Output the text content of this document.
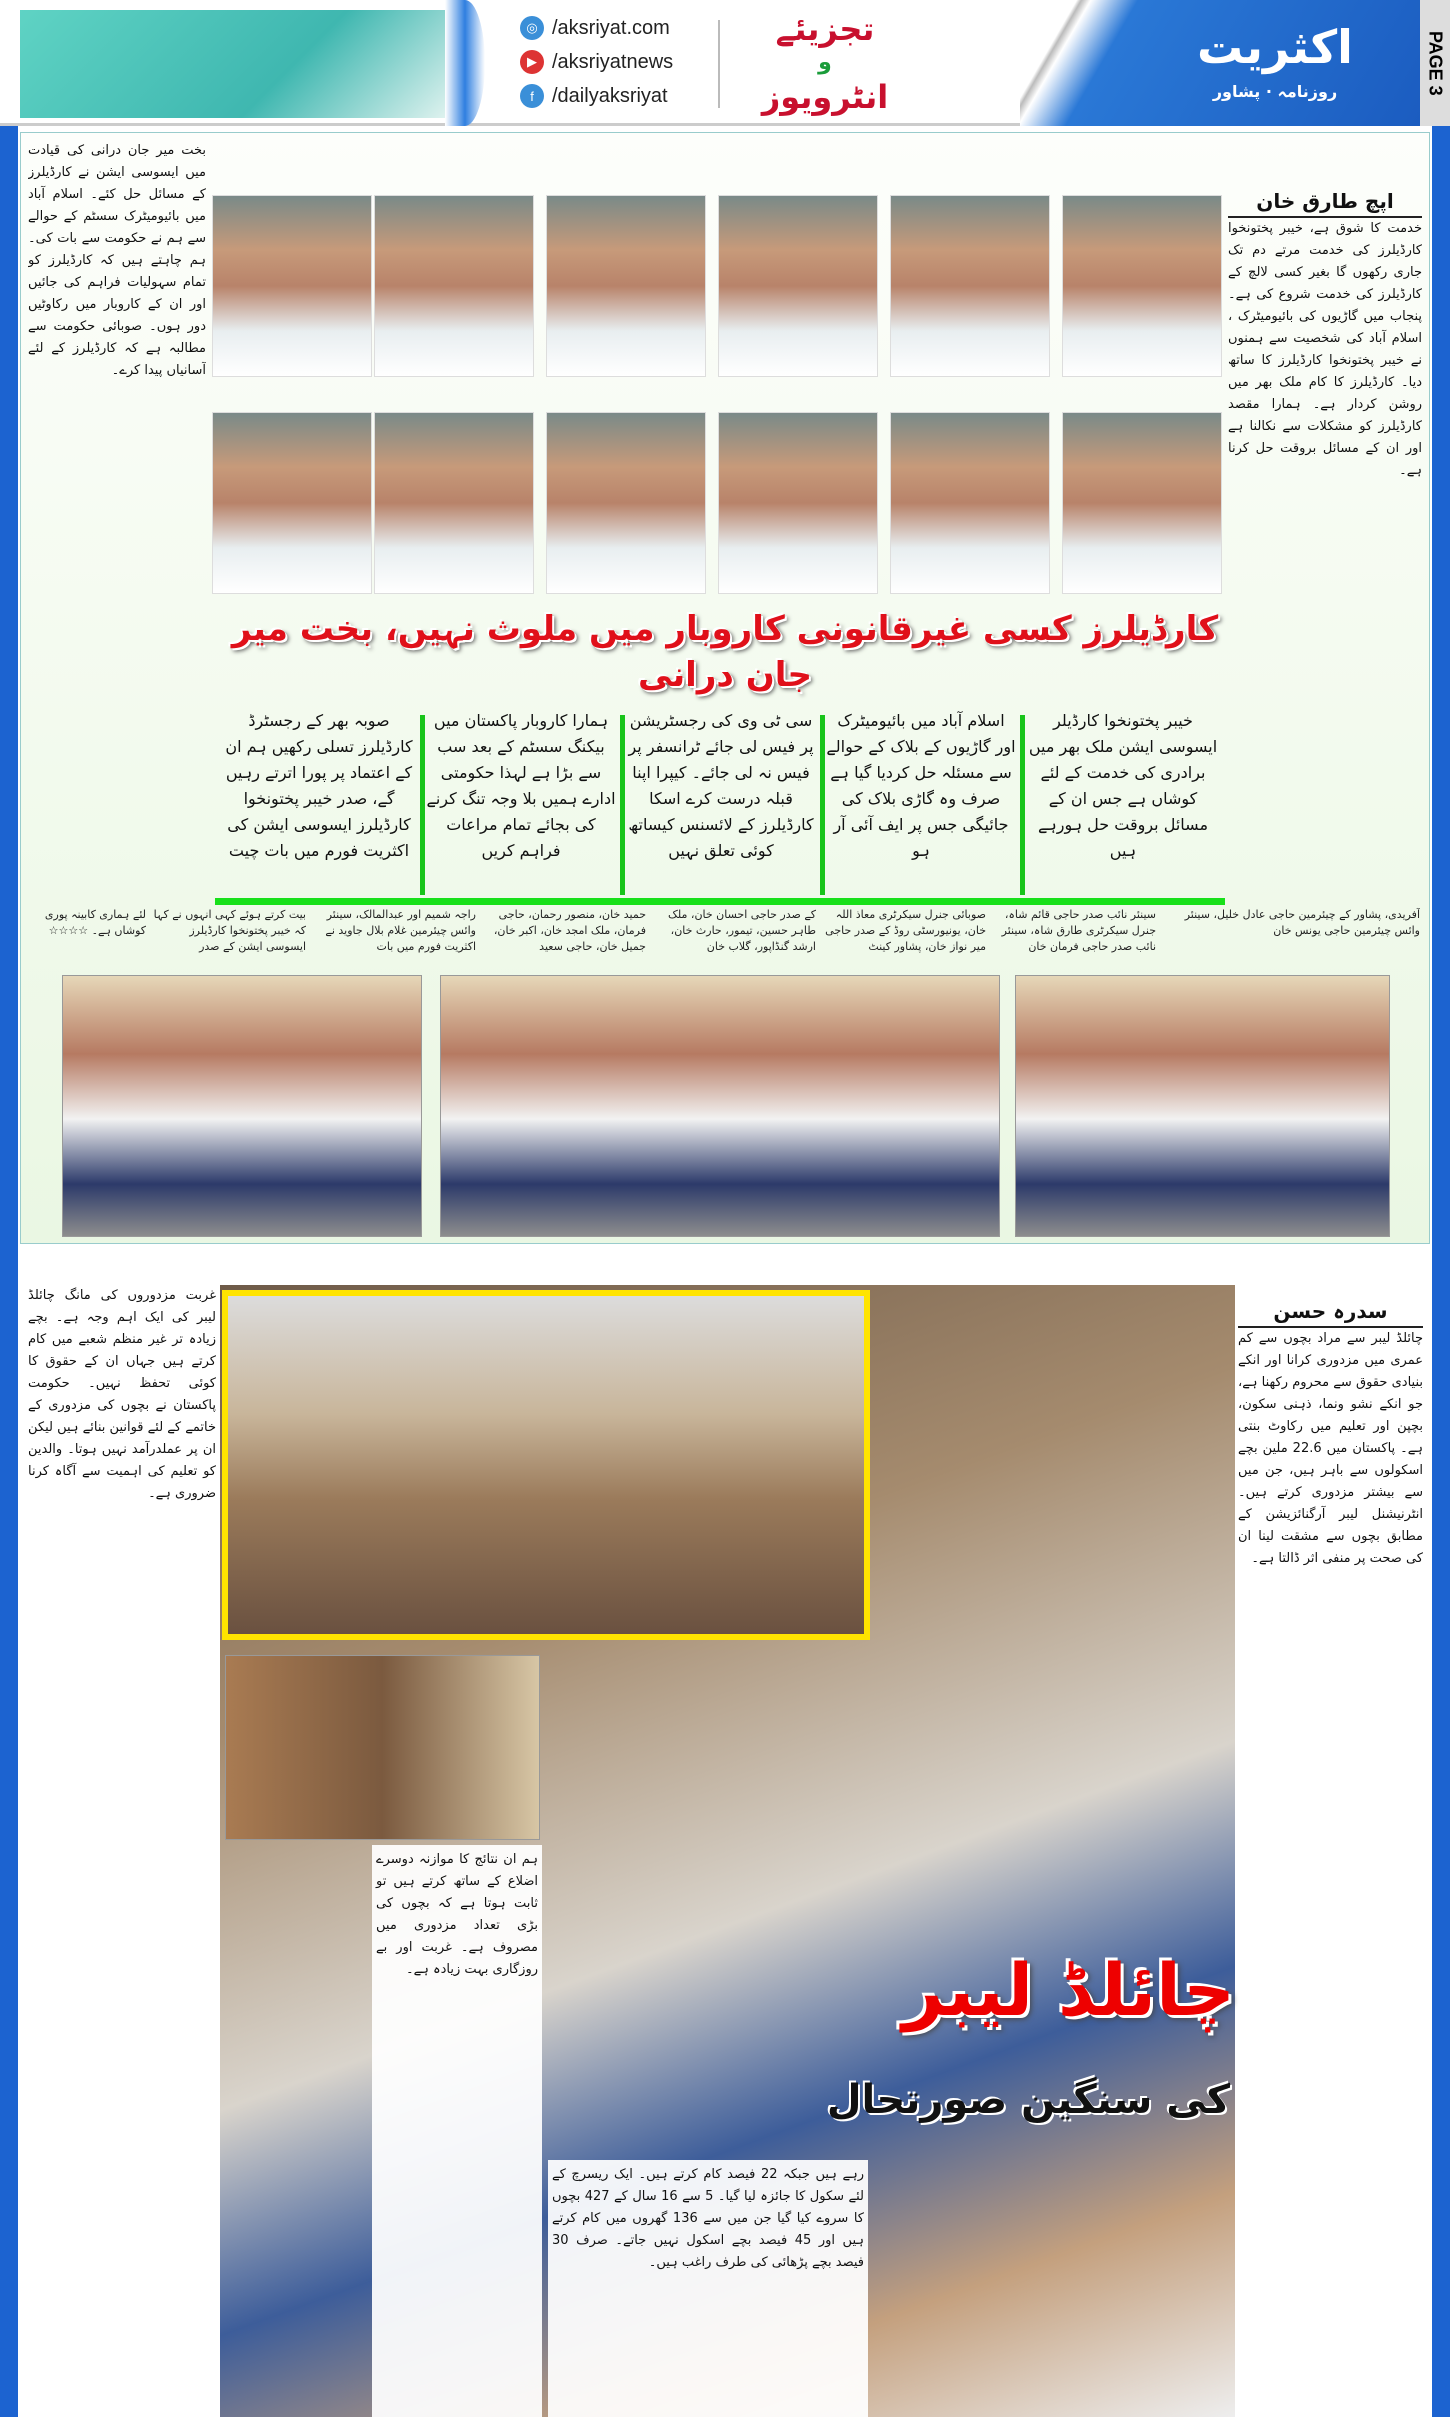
◎ /aksriyat.com
▶ /aksriyatnews
f /dailyaksriyat
تجزیئے
و
انٹرویوز
اکثریت
روزنامہ · پشاور	PAGE 3
اپچ طارق خان

خدمت کا شوق ہے، خیبر پختونخوا کارڈیلرز کی خدمت مرتے دم تک جاری رکھوں گا بغیر کسی لالچ کے کارڈیلرز کی خدمت شروع کی ہے۔ پنجاب میں گاڑیوں کی بائیومیٹرک ، اسلام آباد کی شخصیت سے ہمنوں نے خیبر پختونخوا کارڈیلرز کا ساتھ دیا۔ کارڈیلرز کا کام ملک بھر میں روشن کردار ہے۔ ہمارا مقصد کارڈیلرز کو مشکلات سے نکالنا ہے اور ان کے مسائل بروقت حل کرنا ہے۔

بخت میر جان درانی کی قیادت میں ایسوسی ایشن نے کارڈیلرز کے مسائل حل کئے۔ اسلام آباد میں بائیومیٹرک سسٹم کے حوالے سے ہم نے حکومت سے بات کی۔ ہم چاہتے ہیں کہ کارڈیلرز کو تمام سہولیات فراہم کی جائیں اور ان کے کاروبار میں رکاوٹیں دور ہوں۔ صوبائی حکومت سے مطالبہ ہے کہ کارڈیلرز کے لئے آسانیاں پیدا کرے۔

کارڈیلرز کسی غیرقانونی کاروبار میں ملوث نہیں، بخت میر جان درانی
خیبر پختونخوا کارڈیلر ایسوسی ایشن ملک بھر میں برادری کی خدمت کے لئے کوشاں ہے جس ان کے مسائل بروقت حل ہورہے ہیں
اسلام آباد میں بائیومیٹرک اور گاڑیوں کے بلاک کے حوالے سے مسئلہ حل کردیا گیا ہے صرف وہ گاڑی بلاک کی جائیگی جس پر ایف آئی آر ہو
سی ٹی وی کی رجسٹریشن پر فیس لی جائے ٹرانسفر پر فیس نہ لی جائے۔ کیپرا اپنا قبلہ درست کرے اسکا کارڈیلرز کے لائسنس کیساتھ کوئی تعلق نہیں
ہمارا کاروبار پاکستان میں بیکنگ سسٹم کے بعد سب سے بڑا ہے لہذا حکومتی ادارے ہمیں بلا وجہ تنگ کرنے کی بجائے تمام مراعات فراہم کریں
صوبہ بھر کے رجسٹرڈ کارڈیلرز تسلی رکھیں ہم ان کے اعتماد پر پورا اترتے رہیں گے، صدر خیبر پختونخوا کارڈیلرز ایسوسی ایشن کی اکثریت فورم میں بات چیت
لئے ہماری کابینہ پوری کوشاں ہے۔ ☆☆☆☆
بیت کرتے ہوئے کہی انہوں نے کہا کہ خیبر پختونخوا کارڈیلرز ایسوسی ایشن کے صدر
راجہ شمیم اور عبدالمالک، سینئر وائس چیئرمین غلام بلال جاوید نے اکثریت فورم میں بات
حمید خان، منصور رحمان، حاجی فرمان، ملک امجد خان، اکبر خان، جمیل خان، حاجی سعید
کے صدر حاجی احسان خان، ملک طاہر حسین، تیمور، حارث خان، ارشد گنڈاپور، گلاب خان
صوبائی جنرل سیکرٹری معاذ اللہ خان، یونیورسٹی روڈ کے صدر حاجی میر نواز خان، پشاور کینٹ
سینئر نائب صدر حاجی قائم شاہ، جنرل سیکرٹری طارق شاہ، سینئر نائب صدر حاجی فرمان خان
آفریدی، پشاور کے چیئرمین حاجی عادل خلیل، سینئر وائس چیئرمین حاجی یونس خان
سدرہ حسن

چائلڈ لیبر سے مراد بچوں سے کم عمری میں مزدوری کرانا اور انکے بنیادی حقوق سے محروم رکھنا ہے، جو انکے نشو ونما، ذہنی سکون، بچپن اور تعلیم میں رکاوٹ بنتی ہے۔ پاکستان میں 22.6 ملین بچے اسکولوں سے باہر ہیں، جن میں سے بیشتر مزدوری کرتے ہیں۔ انٹرنیشنل لیبر آرگنائزیشن کے مطابق بچوں سے مشقت لینا ان کی صحت پر منفی اثر ڈالتا ہے۔

غربت مزدوروں کی مانگ چائلڈ لیبر کی ایک اہم وجہ ہے۔ بچے زیادہ تر غیر منظم شعبے میں کام کرتے ہیں جہاں ان کے حقوق کا کوئی تحفظ نہیں۔ حکومت پاکستان نے بچوں کی مزدوری کے خاتمے کے لئے قوانین بنائے ہیں لیکن ان پر عملدرآمد نہیں ہوتا۔ والدین کو تعلیم کی اہمیت سے آگاہ کرنا ضروری ہے۔

ہم ان نتائج کا موازنہ دوسرے اضلاع کے ساتھ کرتے ہیں تو ثابت ہوتا ہے کہ بچوں کی بڑی تعداد مزدوری میں مصروف ہے۔ غربت اور بے روزگاری بہت زیادہ ہے۔

رہے ہیں جبکہ 22 فیصد کام کرتے ہیں۔ ایک ریسرچ کے لئے سکول کا جائزہ لیا گیا۔ 5 سے 16 سال کے 427 بچوں کا سروے کیا گیا جن میں سے 136 گھروں میں کام کرتے ہیں اور 45 فیصد بچے اسکول نہیں جاتے۔ صرف 30 فیصد بچے پڑھائی کی طرف راغب ہیں۔

چائلڈ لیبر
کی سنگین صورتحال
